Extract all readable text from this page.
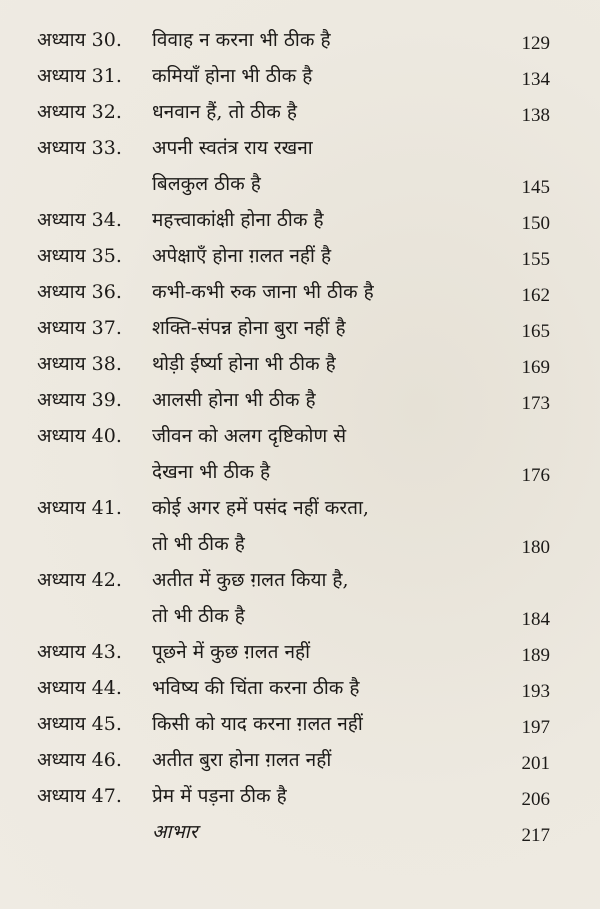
अध्याय 30. विवाह न करना भी ठीक है	129
अध्याय 31. कमियाँ होना भी ठीक है	134
अध्याय 32. धनवान हैं, तो ठीक है	138
अध्याय 33. अपनी स्वतंत्र राय रखना
बिलकुल ठीक है	145
अध्याय 34. महत्त्वाकांक्षी होना ठीक है	150
अध्याय 35. अपेक्षाएँ होना ग़लत नहीं है	155
अध्याय 36. कभी-कभी रुक जाना भी ठीक है	162
अध्याय 37. शक्ति-संपन्न होना बुरा नहीं है	165
अध्याय 38. थोड़ी ईर्ष्या होना भी ठीक है	169
अध्याय 39. आलसी होना भी ठीक है	173
अध्याय 40. जीवन को अलग दृष्टिकोण से
देखना भी ठीक है	176
अध्याय 41. कोई अगर हमें पसंद नहीं करता,
तो भी ठीक है	180
अध्याय 42. अतीत में कुछ ग़लत किया है,
तो भी ठीक है	184
अध्याय 43. पूछने में कुछ ग़लत नहीं	189
अध्याय 44. भविष्य की चिंता करना ठीक है	193
अध्याय 45. किसी को याद करना ग़लत नहीं	197
अध्याय 46. अतीत बुरा होना ग़लत नहीं	201
अध्याय 47. प्रेम में पड़ना ठीक है	206
आभार	217
